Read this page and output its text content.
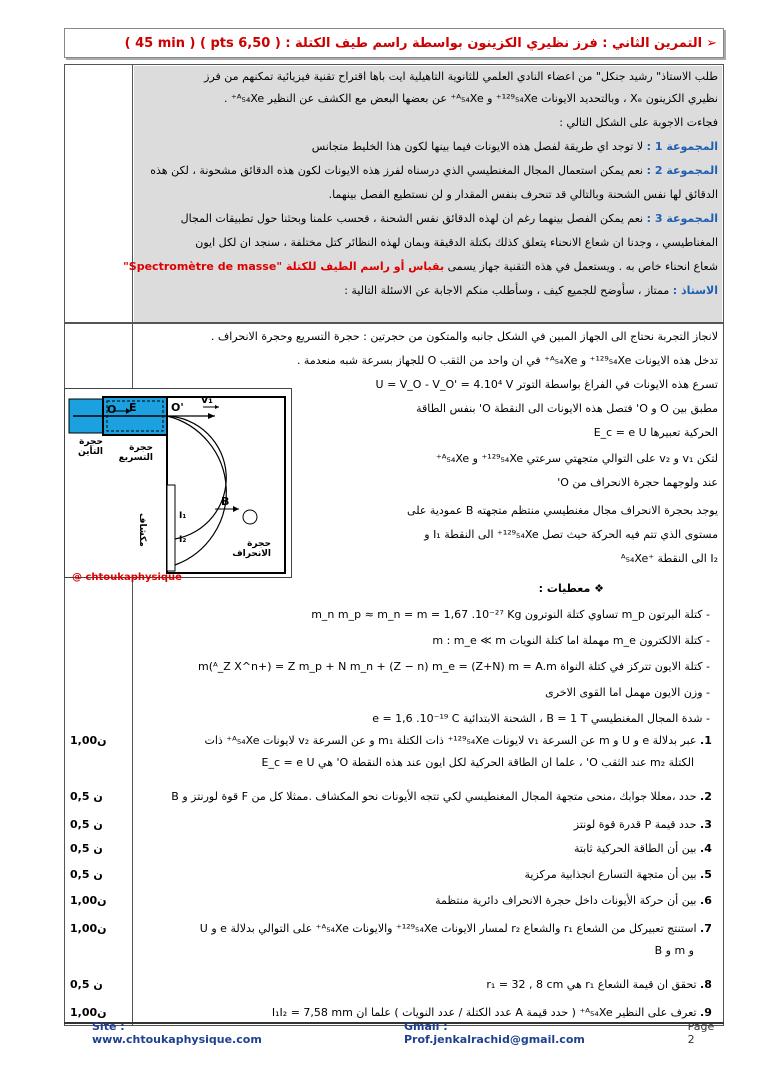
➢
التمرين الثاني : فرز نظيري الكزينون بواسطة راسم طيف الكتلة : ( 6,50 pts ) ( 45 min )
طلب الاستاذ" رشيد جنكل" من اعضاء النادي العلمي للثانوية التاهيلية ايت باها اقتراح تقنية فيزيائية تمكنهم من فرز
نظيري الكزينون Xₑ ، وبالتحديد الايونات ¹²⁹₅₄Xe⁺ و ᴬ₅₄Xe⁺ عن بعضها البعض مع الكشف عن النظير ᴬ₅₄Xe⁺ .
فجاءت الاجوبة على الشكل التالي :
المجموعة 1 : لا توجد اي طريقة لفصل هذه الايونات فيما بينها لكون هذا الخليط متجانس
المجموعة 2 : نعم يمكن استعمال المجال المغنطيسي الذي درسناه لفرز هذه الايونات لكون هذه الدقائق مشحونة ، لكن هذه
الدقائق لها نفس الشحنة وبالتالي قد تنحرف بنفس المقدار و لن نستطيع الفصل بينهما.
المجموعة 3 : نعم يمكن الفصل بينهما رغم ان لهذه الدقائق نفس الشحنة ، فحسب علمنا وبحثنا حول تطبيقات المجال
المغناطيسي ، وجدنا ان شعاع الانحناء يتعلق كذلك بكتلة الدقيقة وبمان لهذه النظائر كتل مختلفة ، سنجد ان لكل ايون
شعاع انحناء خاص به . ويستعمل في هذه التقنية جهاز يسمى بقباس أو راسم الطيف للكتلة "Spectromètre de masse"
الاستاذ : ممتاز ، سأوضح للجميع كيف ، وسأطلب منكم الاجابة عن الاسئلة التالية :
لانجاز التجربة نحتاج الى الجهاز المبين في الشكل جانبه والمتكون من حجرتين : حجرة التسريع وحجرة الانحراف .
تدخل هذه الايونات ¹²⁹₅₄Xe⁺ و ᴬ₅₄Xe⁺ في ان واحد من الثقب O للجهاز بسرعة شبه منعدمة .
تسرع هذه الايونات في الفراغ بواسطة التوتر U = V_O - V_O' = 4.10⁴ V
مطبق بين O و O' فتصل هذه الايونات الى النقطة O' بنفس الطاقة
الحركية تعبيرها E_c = e U
لتكن v₁ و v₂ على التوالي متجهتي سرعتي ¹²⁹₅₄Xe⁺ و ᴬ₅₄Xe⁺
عند ولوجهما حجرة الانحراف من O'
يوجد بحجرة الانحراف مجال مغنطيسي منتظم متجهته B عمودية على
مستوى الذي تتم فيه الحركة حيث تصل ¹²⁹₅₄Xe⁺ الى النقطة I₁ و
ᴬ₅₄Xe⁺ الى النقطة I₂
O E	O'
v₁
B
I₁
I₂
حجرة التأين	حجرة التسريع
مكشاف	حجرة الانحراف
@ chtoukaphysique
❖ معطيات :
- كتلة البرتون m_p تساوي كتلة النوترون m_n m_p ≈ m_n = m = 1,67 .10⁻²⁷ Kg
- كتلة الالكترون m_e مهملة اما كتلة النويات m : m_e ≪ m
- كتلة الايون تتركز في كتلة النواة m(ᴬ_Z X^n+) = Z m_p + N m_n + (Z − n) m_e = (Z+N) m = A.m
- وزن الايون مهمل اما القوى الاخرى
- شدة المجال المغنطيسي B = 1 T ، الشحنة الابتدائية e = 1,6 .10⁻¹⁹ C
1,00ن	1. عبر بدلالة e و U و m عن السرعة v₁ لايونات ¹²⁹₅₄Xe⁺ ذات الكتلة m₁ و عن السرعة v₂ لايونات ᴬ₅₄Xe⁺ ذات
الكتلة m₂ عند الثقب O' ، علما ان الطاقة الحركية لكل ايون عند هذه النقطة O' هي E_c = e U
0,5 ن	2. حدد ،معللا جوابك ،منحى متجهة المجال المغنطيسي لكي تتجه الأيونات نحو المكشاف .ممثلا كل من F قوة لورنتز و B
0,5 ن	3. حدد قيمة P قدرة قوة لونتز
0,5 ن	4. بين أن الطاقة الحركية ثابتة
0,5 ن	5. بين أن متجهة التسارع انجذابية مركزية
1,00ن	6. بين أن حركة الأيونات داخل حجرة الانحراف دائرية منتظمة
1,00ن	7. استنتج تعبيركل من الشعاع r₁ والشعاع r₂ لمسار الايونات ¹²⁹₅₄Xe⁺ والايونات ᴬ₅₄Xe⁺ على التوالي بدلالة e و U
و m و B
0,5 ن	8. تحقق ان قيمة الشعاع r₁ هي r₁ = 32 , 8 cm
1,00ن	9. تعرف على النظير ᴬ₅₄Xe⁺ ( حدد قيمة A عدد الكتلة / عدد النويات ) علما ان I₁I₂ = 7,58 mm
Site : www.chtoukaphysique.com
Gmail : Prof.jenkalrachid@gmail.com
Page 2
